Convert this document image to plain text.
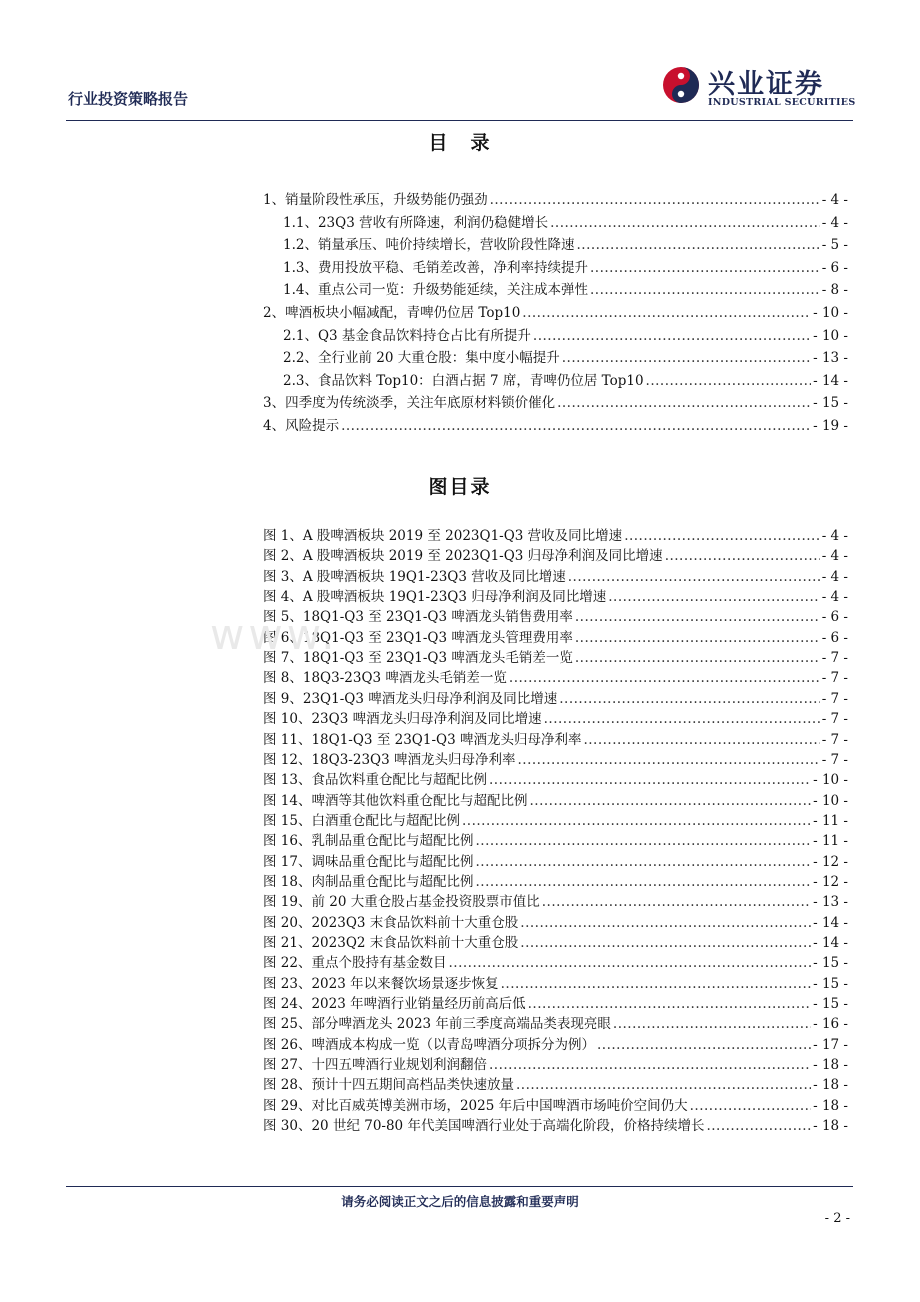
行业投资策略报告	兴业证券
INDUSTRIAL SECURITIES
目　录
1、销量阶段性承压，升级势能仍强劲 .....	- 4 -
1.1、23Q3 营收有所降速，利润仍稳健增长 .....	- 4 -
1.2、销量承压、吨价持续增长，营收阶段性降速 .....	- 5 -
1.3、费用投放平稳、毛销差改善，净利率持续提升 .....	- 6 -
1.4、重点公司一览：升级势能延续，关注成本弹性 .....	- 8 -
2、啤酒板块小幅减配，青啤仍位居 Top10 .....	- 10 -
2.1、Q3 基金食品饮料持仓占比有所提升 .....	- 10 -
2.2、全行业前 20 大重仓股：集中度小幅提升 .....	- 13 -
2.3、食品饮料 Top10：白酒占据 7 席，青啤仍位居 Top10 .....	- 14 -
3、四季度为传统淡季，关注年底原材料锁价催化 .....	- 15 -
4、风险提示 .....	- 19 -
图目录
图 1、A 股啤酒板块 2019 至 2023Q1-Q3 营收及同比增速 .....	- 4 -
图 2、A 股啤酒板块 2019 至 2023Q1-Q3 归母净利润及同比增速 .....	- 4 -
图 3、A 股啤酒板块 19Q1-23Q3 营收及同比增速 .....	- 4 -
图 4、A 股啤酒板块 19Q1-23Q3 归母净利润及同比增速 .....	- 4 -
图 5、18Q1-Q3 至 23Q1-Q3 啤酒龙头销售费用率 .....	- 6 -
图 6、18Q1-Q3 至 23Q1-Q3 啤酒龙头管理费用率 .....	- 6 -
图 7、18Q1-Q3 至 23Q1-Q3 啤酒龙头毛销差一览 .....	- 7 -
图 8、18Q3-23Q3 啤酒龙头毛销差一览 .....	- 7 -
图 9、23Q1-Q3 啤酒龙头归母净利润及同比增速 .....	- 7 -
图 10、23Q3 啤酒龙头归母净利润及同比增速 .....	- 7 -
图 11、18Q1-Q3 至 23Q1-Q3 啤酒龙头归母净利率 .....	- 7 -
图 12、18Q3-23Q3 啤酒龙头归母净利率 .....	- 7 -
图 13、食品饮料重仓配比与超配比例 .....	- 10 -
图 14、啤酒等其他饮料重仓配比与超配比例 .....	- 10 -
图 15、白酒重仓配比与超配比例 .....	- 11 -
图 16、乳制品重仓配比与超配比例 .....	- 11 -
图 17、调味品重仓配比与超配比例 .....	- 12 -
图 18、肉制品重仓配比与超配比例 .....	- 12 -
图 19、前 20 大重仓股占基金投资股票市值比 .....	- 13 -
图 20、2023Q3 末食品饮料前十大重仓股 .....	- 14 -
图 21、2023Q2 末食品饮料前十大重仓股 .....	- 14 -
图 22、重点个股持有基金数目 .....	- 15 -
图 23、2023 年以来餐饮场景逐步恢复 .....	- 15 -
图 24、2023 年啤酒行业销量经历前高后低 .....	- 15 -
图 25、部分啤酒龙头 2023 年前三季度高端品类表现亮眼 .....	- 16 -
图 26、啤酒成本构成一览（以青岛啤酒分项拆分为例） .....	- 17 -
图 27、十四五啤酒行业规划利润翻倍 .....	- 18 -
图 28、预计十四五期间高档品类快速放量 .....	- 18 -
图 29、对比百威英博美洲市场，2025 年后中国啤酒市场吨价空间仍大 .....	- 18 -
图 30、20 世纪 70-80 年代美国啤酒行业处于高端化阶段，价格持续增长 .....	- 18 -
www.
请务必阅读正文之后的信息披露和重要声明
- 2 -
